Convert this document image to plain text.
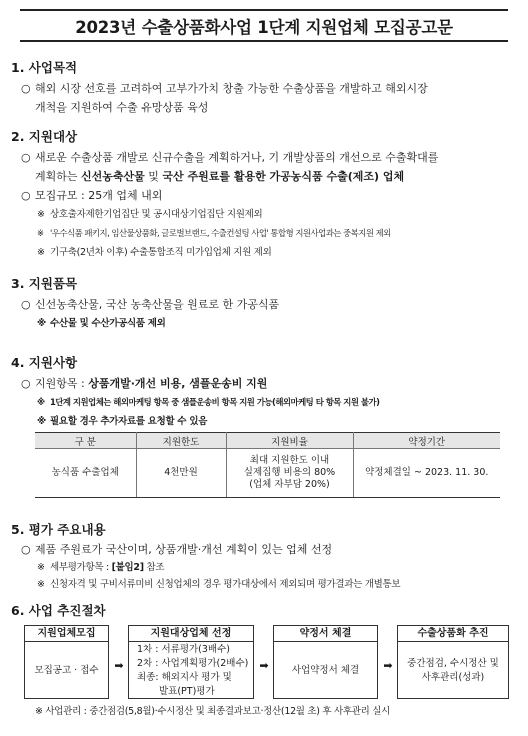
2023년 수출상품화사업 1단계 지원업체 모집공고문
1. 사업목적
○ 해외 시장 선호를 고려하여 고부가가치 창출 가능한 수출상품을 개발하고 해외시장
개척을 지원하여 수출 유망상품 육성
2. 지원대상
○ 새로운 수출상품 개발로 신규수출을 계획하거나, 기 개발상품의 개선으로 수출확대를
계획하는 신선농축산물 및 국산 주원료를 활용한 가공농식품 수출(제조) 업체
○ 모집규모 : 25개 업체 내외
※ 상호출자제한기업집단 및 공시대상기업집단 지원제외
※ '우수식품 패키지, 임산물상품화, 글로벌브랜드, 수출컨설팅 사업' 통합형 지원사업과는 중복지원 제외
※ 기구축(2년차 이후) 수출통합조직 미가입업체 지원 제외
3. 지원품목
○ 신선농축산물, 국산 농축산물을 원료로 한 가공식품
※ 수산물 및 수산가공식품 제외
4. 지원사항
○ 지원항목 : 상품개발·개선 비용, 샘플운송비 지원
※ 1단계 지원업체는 해외마케팅 항목 중 샘플운송비 항목 지원 가능(해외마케팅 타 항목 지원 불가)
※ 필요할 경우 추가자료를 요청할 수 있음
구 분	지원한도	지원비율	약정기간
농식품 수출업체	4천만원	최대 지원한도 이내
실제집행 비용의 80%
(업체 자부담 20%)	약정체결일 ~ 2023. 11. 30.
5. 평가 주요내용
○ 제품 주원료가 국산이며, 상품개발·개선 계획이 있는 업체 선정
※ 세부평가항목 : [붙임2] 참조
※ 신청자격 및 구비서류미비 신청업체의 경우 평가대상에서 제외되며 평가결과는 개별통보
6. 사업 추진절차
지원업체모집
모집공고 · 접수	➡
지원대상업체 선정
1차 : 서류평가(3배수)
2차 : 사업계획평가(2배수)
최종: 해외지사 평가 및
발표(PT)평가
➡
약정서 체결
사업약정서 체결	➡
수출상품화 추진
중간점검, 수시정산 및
사후관리(성과)
※ 사업관리 : 중간점검(5,8월)·수시정산 및 최종결과보고·정산(12월 초) 후 사후관리 실시
